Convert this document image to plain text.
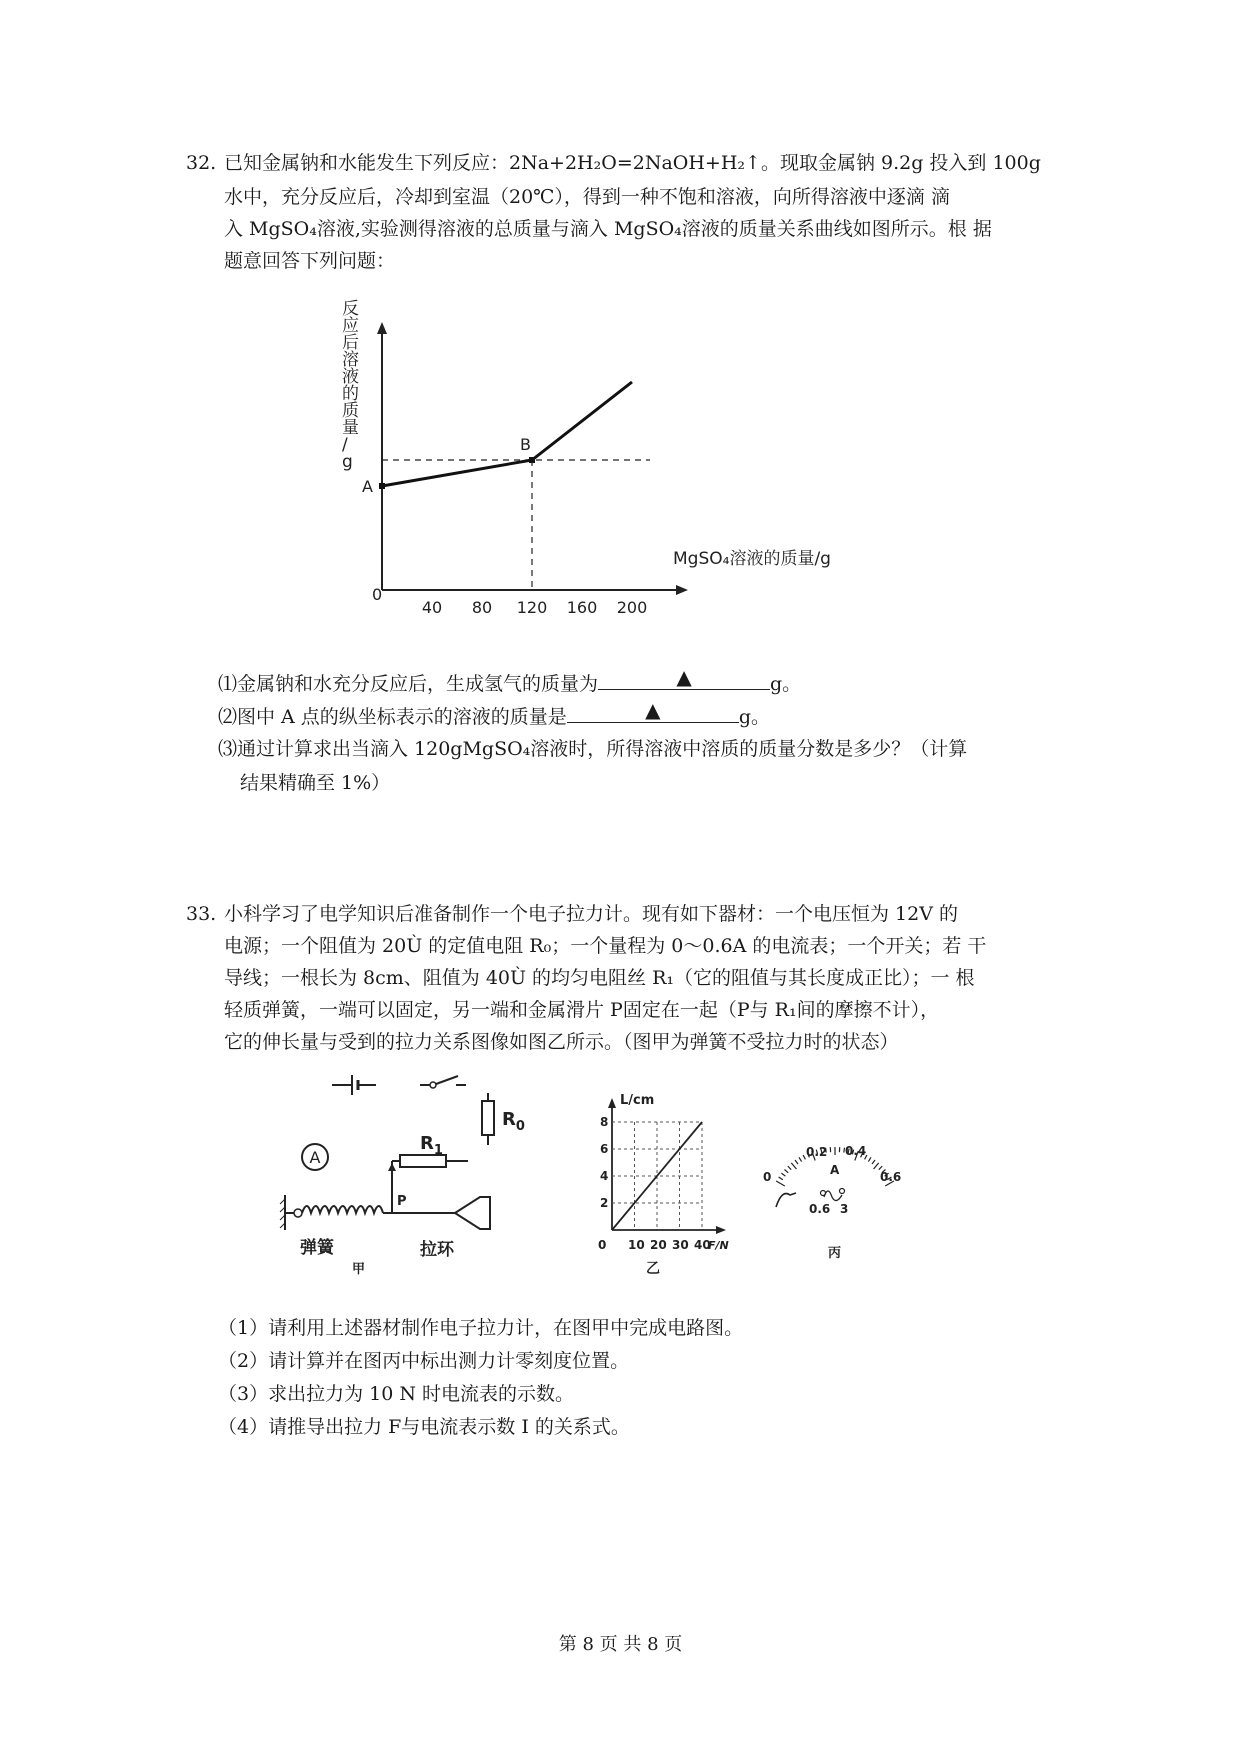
32. 已知金属钠和水能发生下列反应：2Na+2H₂O=2NaOH+H₂↑。现取金属钠 9.2g 投入到 100g
水中，充分反应后，冷却到室温（20℃），得到一种不饱和溶液，向所得溶液中逐滴 滴
入 MgSO₄溶液,实验测得溶液的总质量与滴入 MgSO₄溶液的质量关系曲线如图所示。根 据
题意回答下列问题：
反应后溶液的质量/ g
40 80 120 160 200
A
B
MgSO₄溶液的质量/g
0
⑴金属钠和水充分反应后，生成氢气的质量为	▲	g。
⑵图中 A 点的纵坐标表示的溶液的质量是	▲	g。
⑶通过计算求出当滴入 120gMgSO₄溶液时，所得溶液中溶质的质量分数是多少？（计算
结果精确至 1%）
33. 小科学习了电学知识后准备制作一个电子拉力计。现有如下器材：一个电压恒为 12V 的
电源；一个阻值为 20Ù 的定值电阻 R₀；一个量程为 0～0.6A 的电流表；一个开关；若 干
导线；一根长为 8cm、阻值为 40Ù 的均匀电阻丝 R₁（它的阻值与其长度成正比）；一 根
轻质弹簧，一端可以固定，另一端和金属滑片 P固定在一起（P与 R₁间的摩擦不计），
它的伸长量与受到的拉力关系图像如图乙所示。（图甲为弹簧不受拉力时的状态）
$R_0$
A
$R_1$
P
弹簧	拉环
甲
L/cm
2
4
6
8
0 10 20 30 40
F/N
乙
0
0.2 0.4
0.6
A
0.6 3
丙
（1）请利用上述器材制作电子拉力计，在图甲中完成电路图。
（2）请计算并在图丙中标出测力计零刻度位置。
（3）求出拉力为 10 N 时电流表的示数。
（4）请推导出拉力 F与电流表示数 I 的关系式。
第 8 页 共 8 页
